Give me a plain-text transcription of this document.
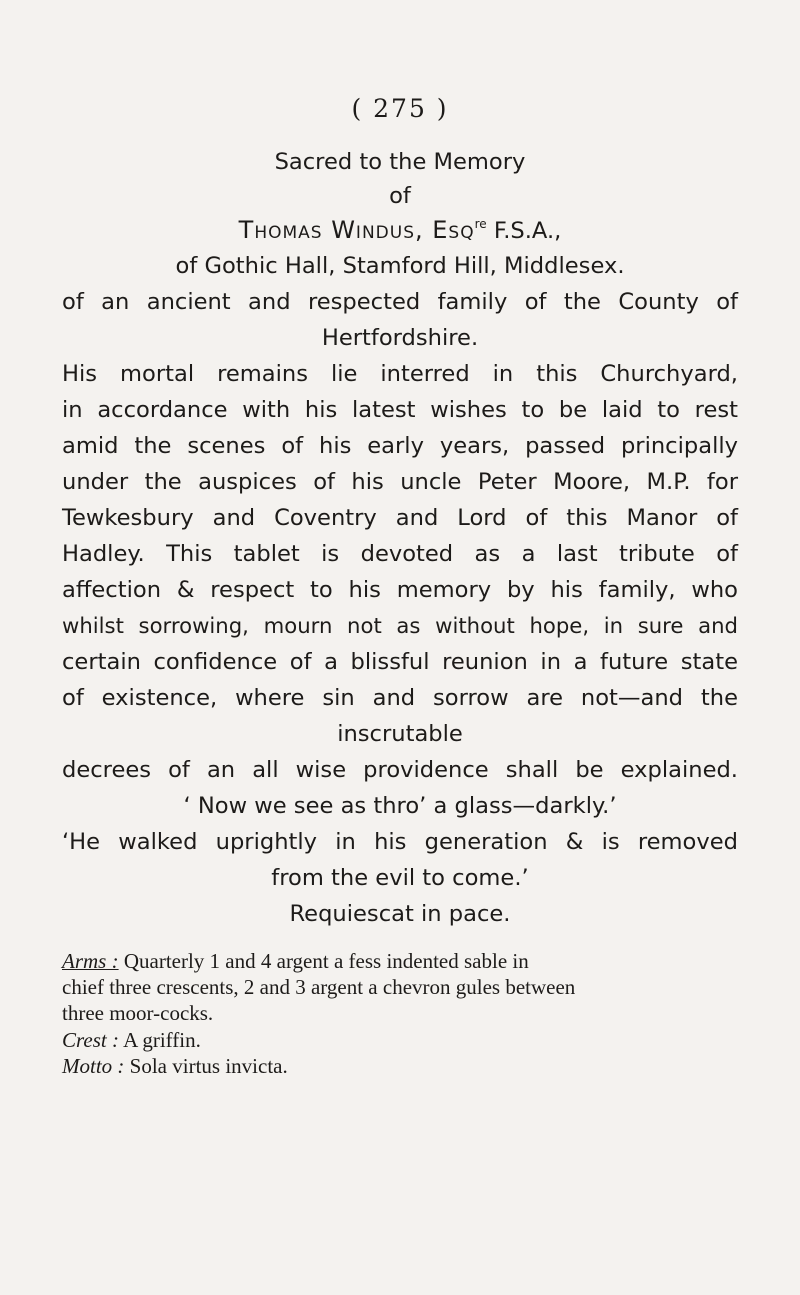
( 275 )
Sacred to the Memory
of
Thomas Windus, Esq$^{re}$ F.S.A.,
of Gothic Hall, Stamford Hill, Middlesex.
of an ancient and respected family of the County of
Hertfordshire.
His mortal remains lie interred in this Churchyard,
in accordance with his latest wishes to be laid to rest
amid the scenes of his early years, passed principally
under the auspices of his uncle Peter Moore, M.P. for
Tewkesbury and Coventry and Lord of this Manor of
Hadley. This tablet is devoted as a last tribute of
affection & respect to his memory by his family, who
whilst sorrowing, mourn not as without hope, in sure and
certain confidence of a blissful reunion in a future state
of existence, where sin and sorrow are not—and the
inscrutable
decrees of an all wise providence shall be explained.
‘ Now we see as thro’ a glass—darkly.’
‘He walked uprightly in his generation & is removed
from the evil to come.’
Requiescat in pace.
Arms : Quarterly 1 and 4 argent a fess indented sable in
chief three crescents, 2 and 3 argent a chevron gules between
three moor-cocks.
Crest : A griffin.
Motto : Sola virtus invicta.
